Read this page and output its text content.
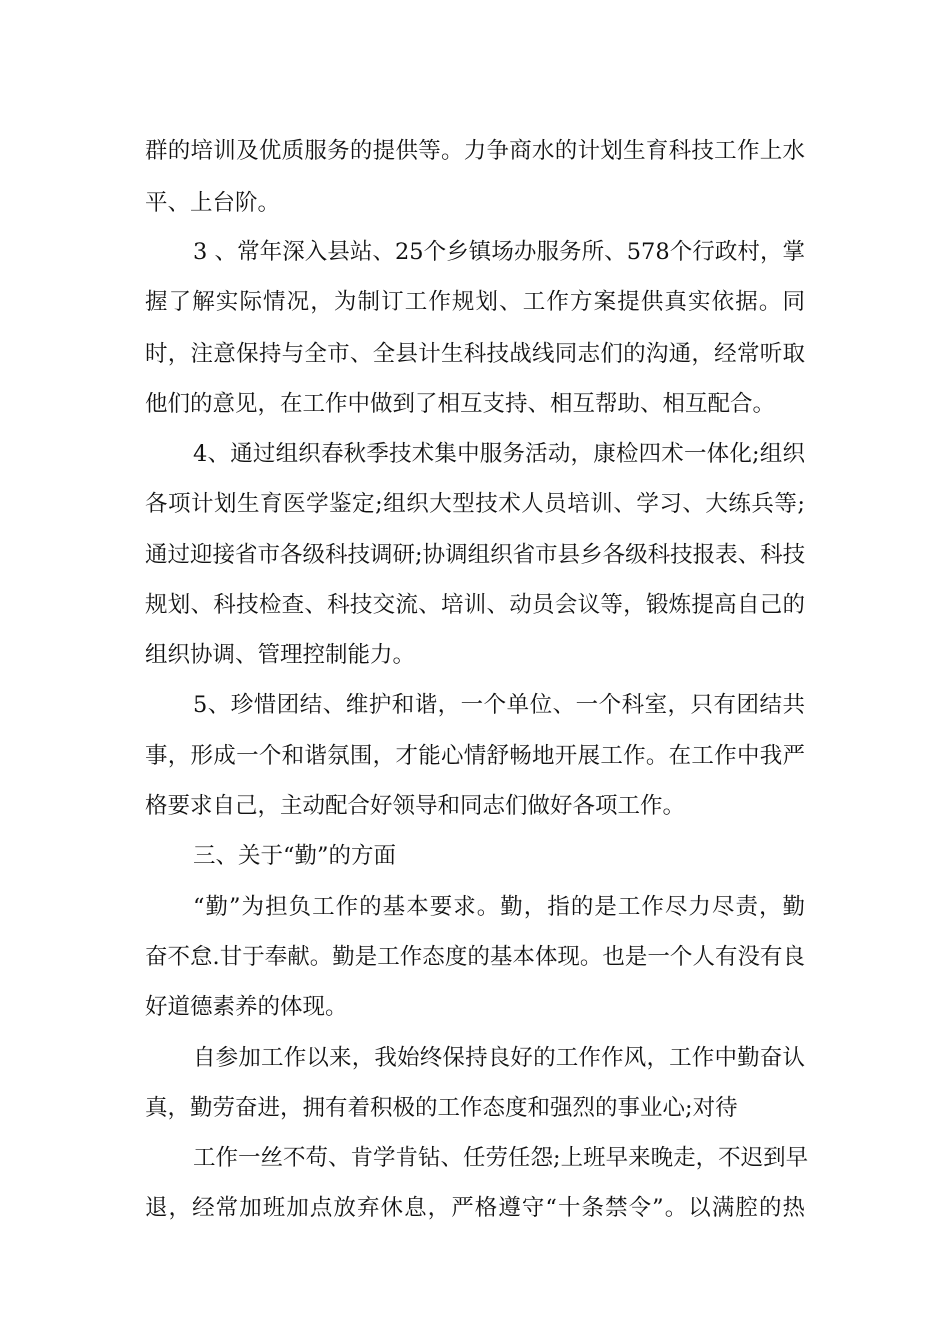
群的培训及优质服务的提供等。力争商水的计划生育科技工作上水
平、上台阶。
3 、常年深入县站、25个乡镇场办服务所、578个行政村，掌
握了解实际情况，为制订工作规划、工作方案提供真实依据。同
时，注意保持与全市、全县计生科技战线同志们的沟通，经常听取
他们的意见，在工作中做到了相互支持、相互帮助、相互配合。
4、通过组织春秋季技术集中服务活动，康检四术一体化;组织
各项计划生育医学鉴定;组织大型技术人员培训、学习、大练兵等;
通过迎接省市各级科技调研;协调组织省市县乡各级科技报表、科技
规划、科技检查、科技交流、培训、动员会议等，锻炼提高自己的
组织协调、管理控制能力。
5、珍惜团结、维护和谐，一个单位、一个科室，只有团结共
事，形成一个和谐氛围，才能心情舒畅地开展工作。在工作中我严
格要求自己，主动配合好领导和同志们做好各项工作。
三、关于“勤”的方面
“勤”为担负工作的基本要求。勤，指的是工作尽力尽责，勤
奋不怠.甘于奉献。勤是工作态度的基本体现。也是一个人有没有良
好道德素养的体现。
自参加工作以来，我始终保持良好的工作作风，工作中勤奋认
真，勤劳奋进，拥有着积极的工作态度和强烈的事业心;对待
工作一丝不苟、肯学肯钻、任劳任怨;上班早来晚走，不迟到早
退，经常加班加点放弃休息，严格遵守“十条禁令”。以满腔的热
